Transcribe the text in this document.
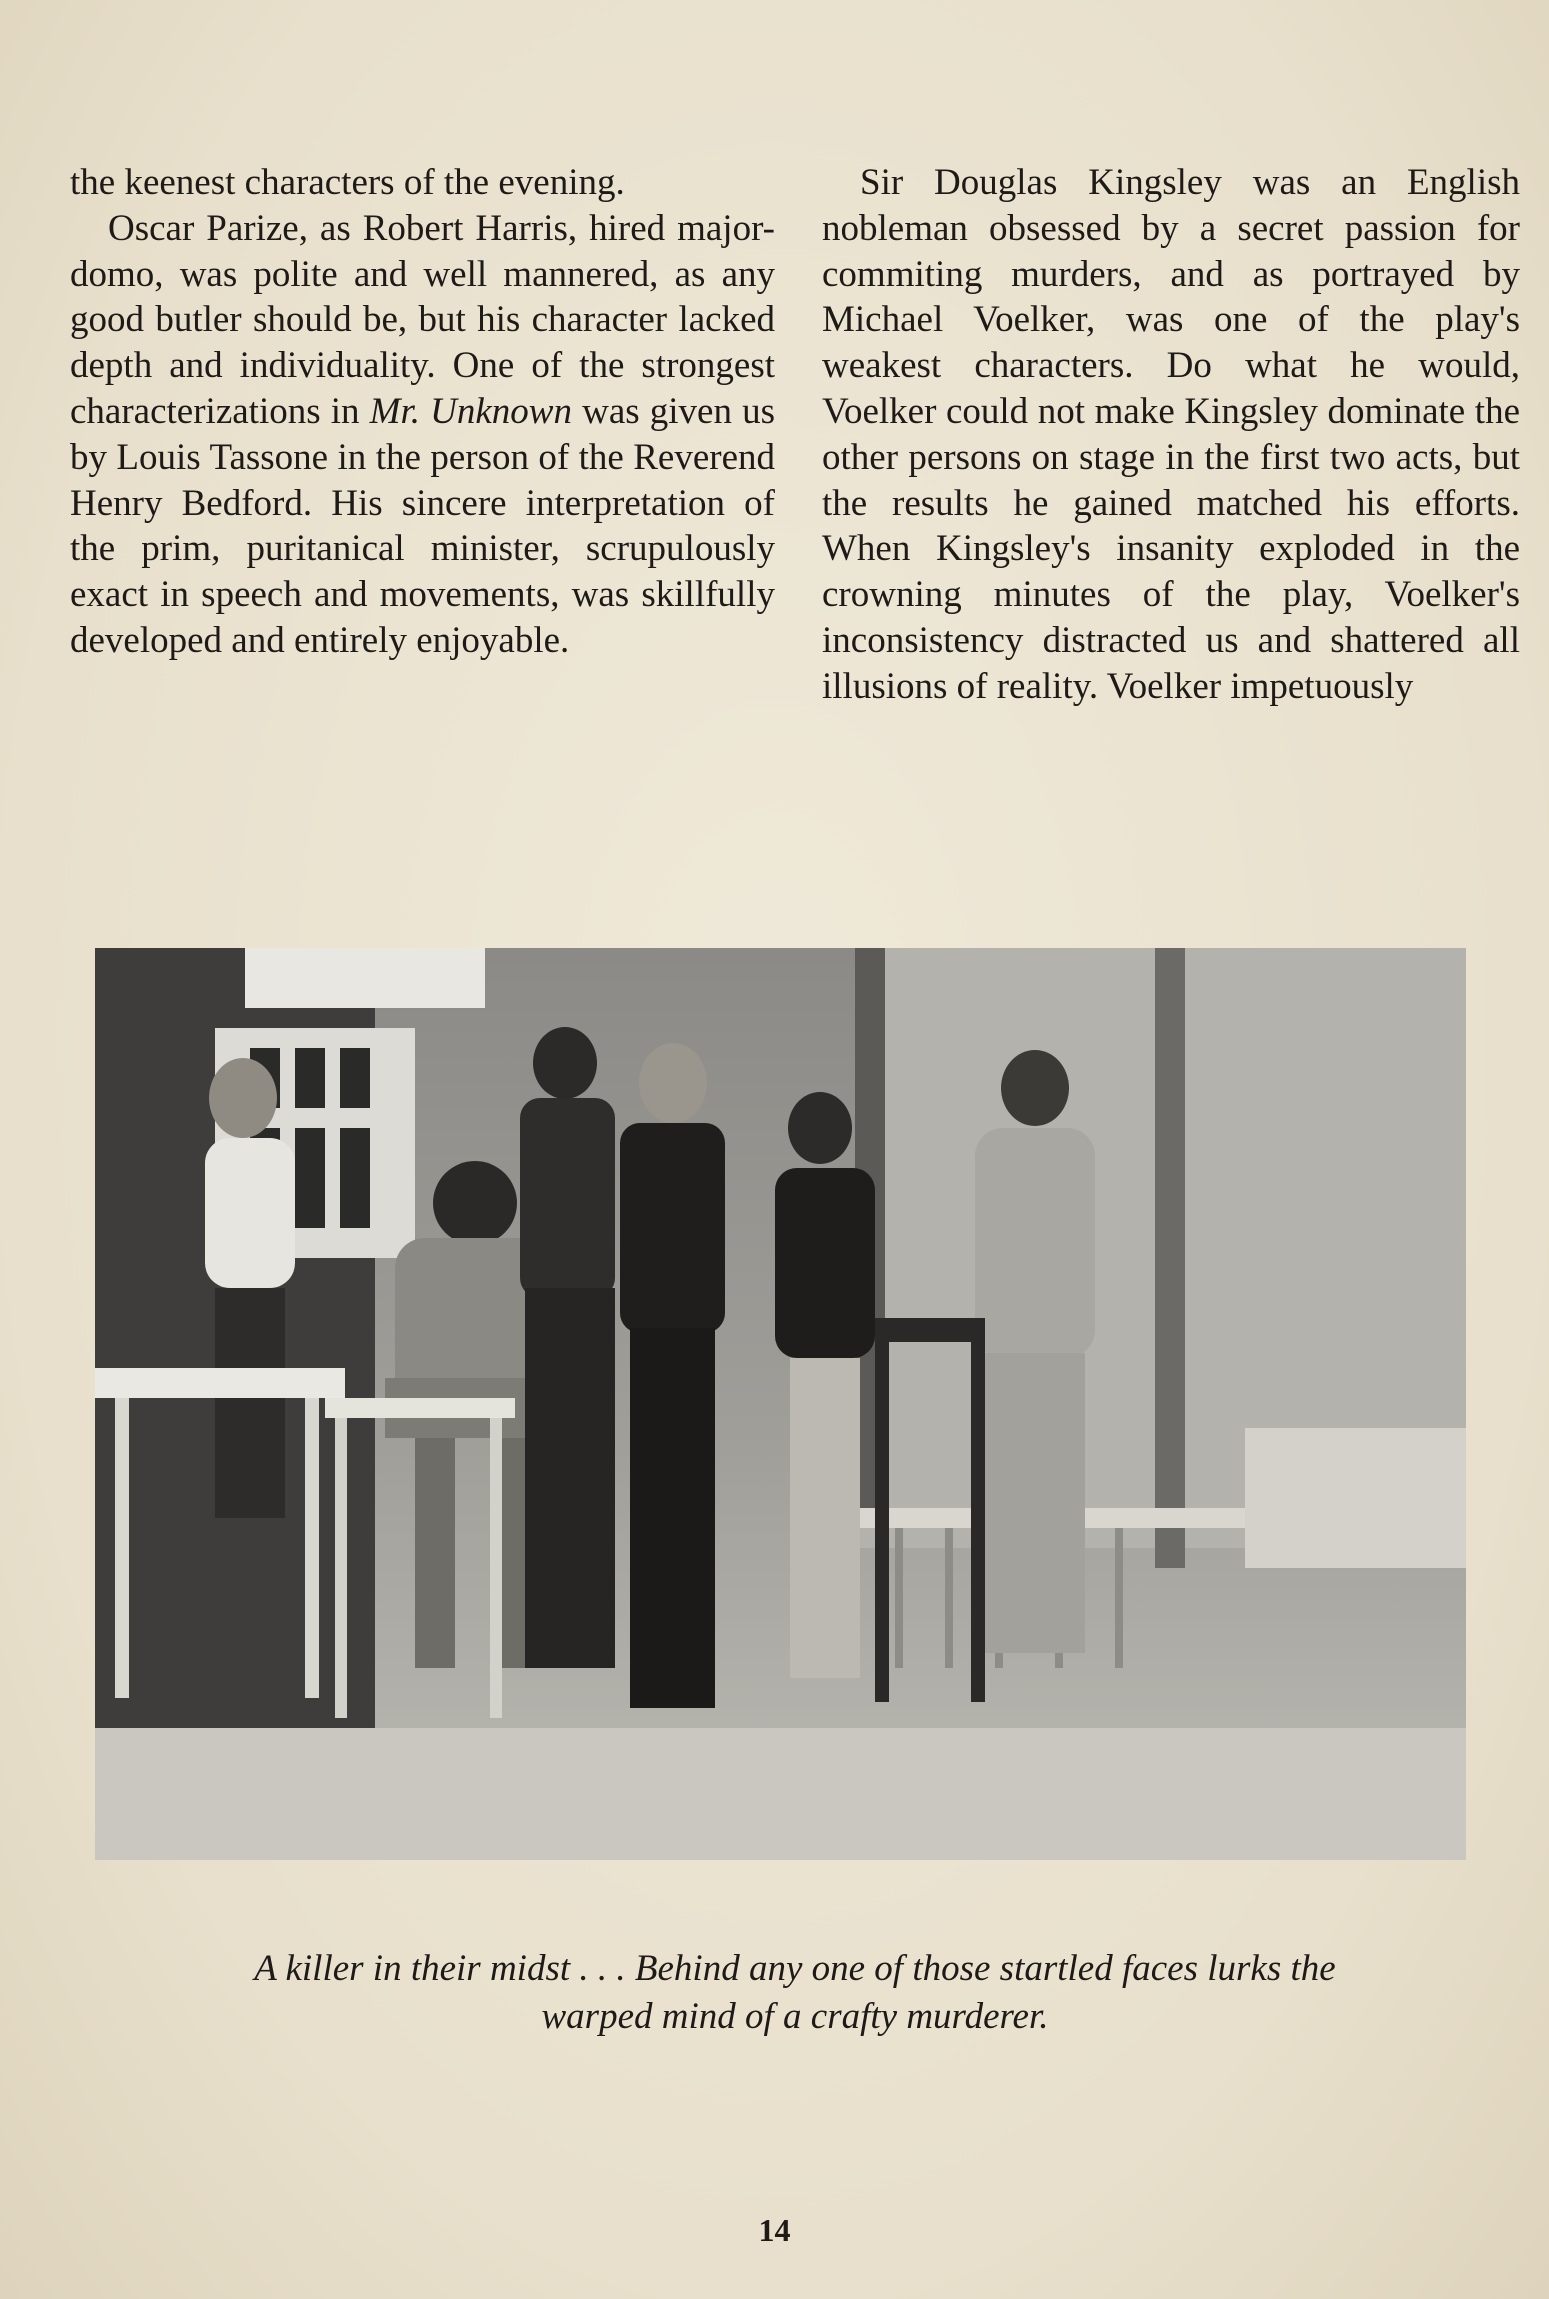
the keenest characters of the evening.

Oscar Parize, as Robert Harris, hired major-domo, was polite and well mannered, as any good butler should be, but his character lacked depth and individuality. One of the strongest characterizations in Mr. Unknown was given us by Louis Tassone in the person of the Reverend Henry Bedford. His sincere interpretation of the prim, puritanical minister, scrupulously exact in speech and movements, was skillfully developed and entirely enjoyable.

Sir Douglas Kingsley was an English nobleman obsessed by a secret passion for commiting murders, and as portrayed by Michael Voelker, was one of the play's weakest characters. Do what he would, Voelker could not make Kingsley dominate the other persons on stage in the first two acts, but the results he gained matched his efforts. When Kingsley's insanity exploded in the crowning minutes of the play, Voelker's inconsistency distracted us and shattered all illusions of reality. Voelker impetuously

A killer in their midst . . . Behind any one of those startled faces lurks the
warped mind of a crafty murderer.
14
